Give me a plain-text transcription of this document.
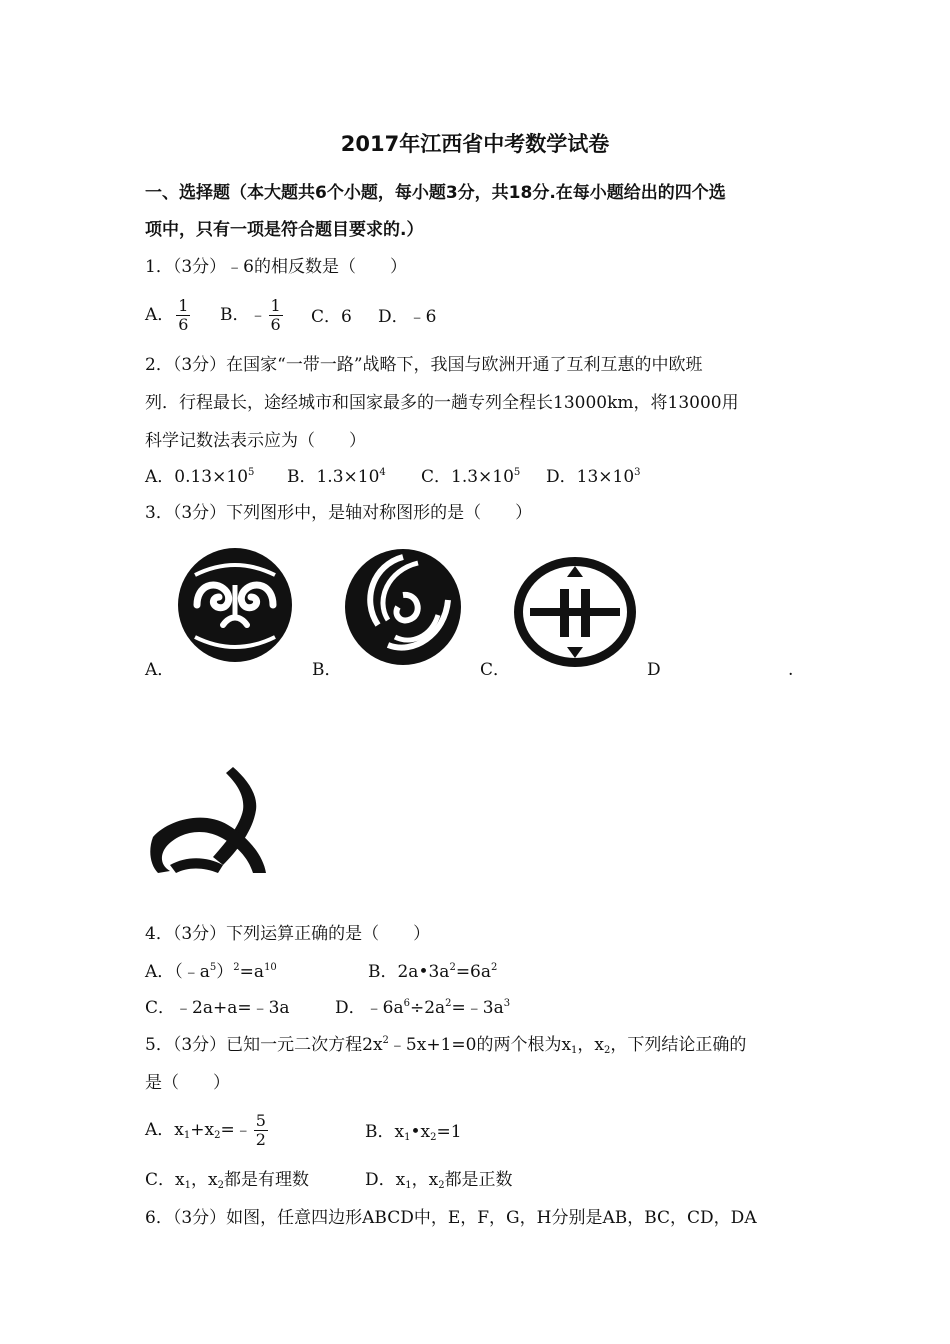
2017年江西省中考数学试卷
一、选择题（本大题共6个小题，每小题3分，共18分.在每小题给出的四个选
项中，只有一项是符合题目要求的.）
1．（3分）﹣6的相反数是（　　）
A． $\frac{1}{6}$ B．﹣ $\frac{1}{6}$ C．6 D．﹣6
2．（3分）在国家“一带一路”战略下，我国与欧洲开通了互利互惠的中欧班
列．行程最长，途经城市和国家最多的一趟专列全程长13000km，将13000用
科学记数法表示应为（　　）
A．$0.13\times 10^5$ B．$1.3\times 10^4$ C．$1.3\times 10^5$ D．$13\times 10^3$
3．（3分）下列图形中，是轴对称图形的是（　　）
A．	B．	C．	D	.
4．（3分）下列运算正确的是（　　）
A．$(﹣a^5)^2=a^{10}$	B．$2a•3a^2=6a^2$
C．﹣2a+a=﹣3a	D．$﹣6a^6\div 2a^2=﹣3a^3$
5．（3分）已知一元二次方程$2x^2﹣5x+1=0$的两个根为$x_1$，$x_2$，下列结论正确的
是（　　）
A．$x_1+x_2=﹣ \frac{5}{2}$	B．$x_1•x_2=1$
C．$x_1$，$x_2$都是有理数	D．$x_1$，$x_2$都是正数
6．（3分）如图，任意四边形ABCD中，E，F，G，H分别是AB，BC，CD，DA
